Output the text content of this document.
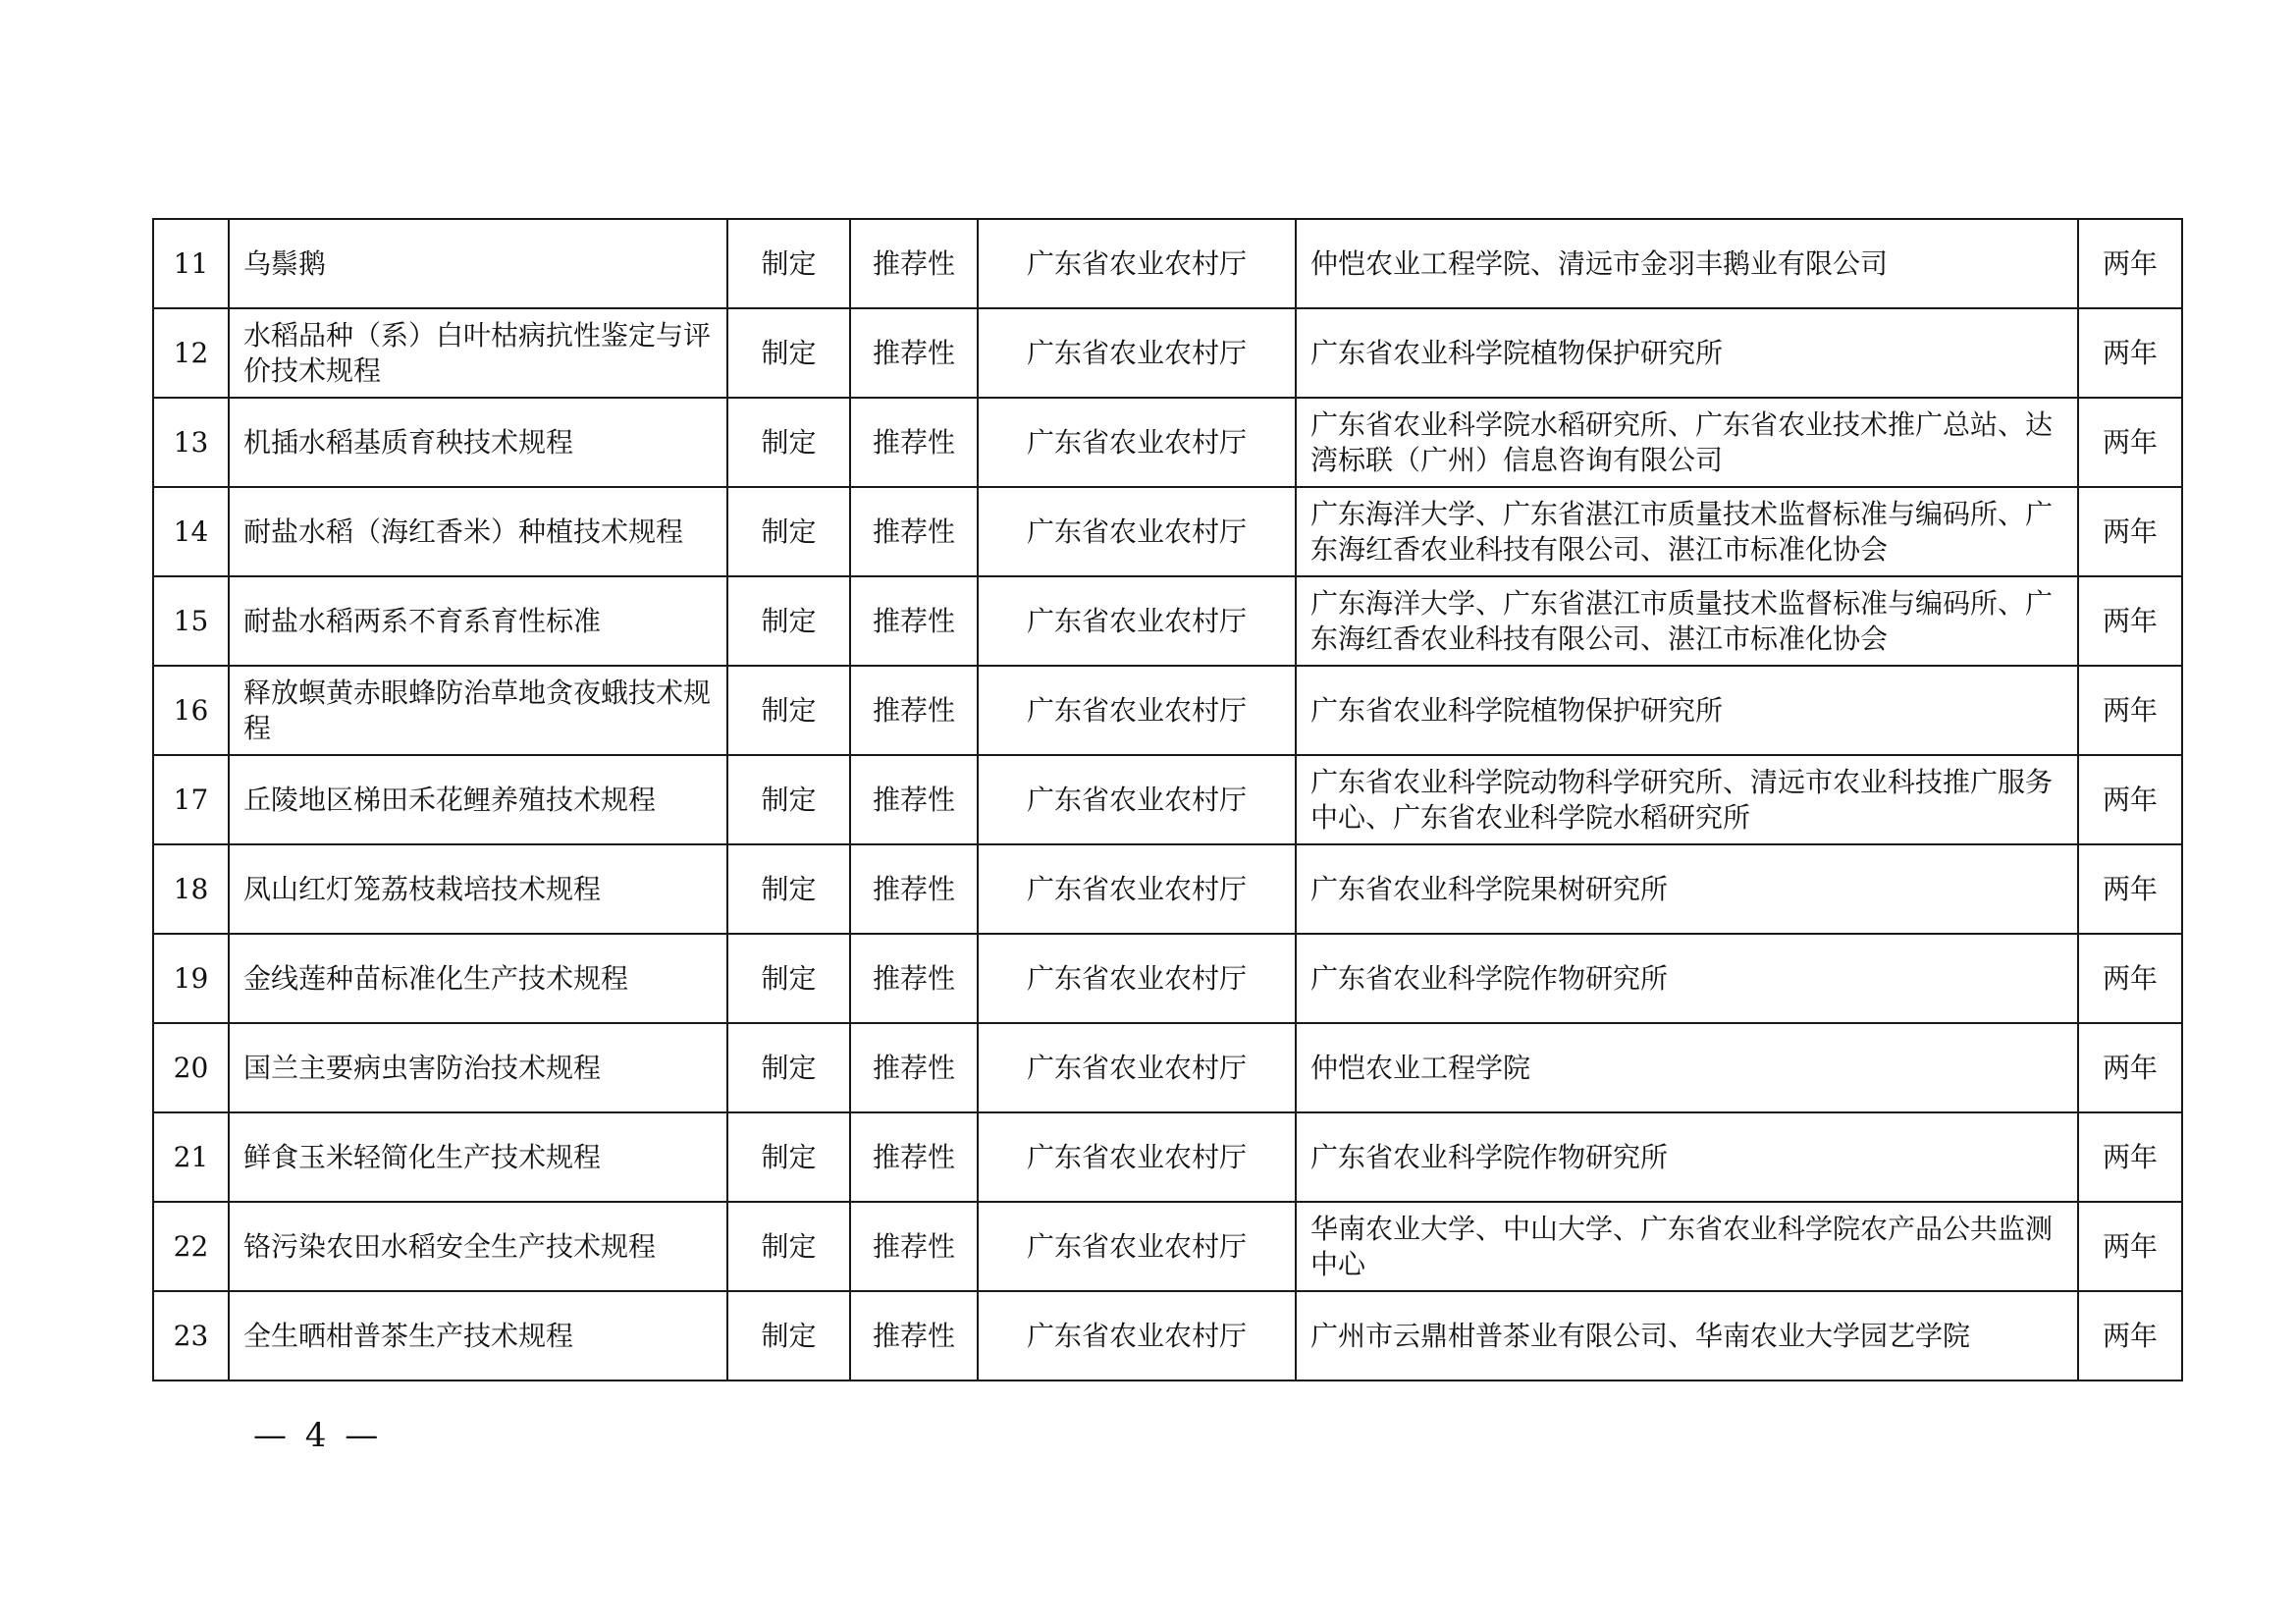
11	乌鬃鹅	制定	推荐性	广东省农业农村厅	仲恺农业工程学院、清远市金羽丰鹅业有限公司	两年
12	水稻品种（系）白叶枯病抗性鉴定与评价技术规程	制定	推荐性	广东省农业农村厅	广东省农业科学院植物保护研究所	两年
13	机插水稻基质育秧技术规程	制定	推荐性	广东省农业农村厅	广东省农业科学院水稻研究所、广东省农业技术推广总站、达湾标联（广州）信息咨询有限公司	两年
14	耐盐水稻（海红香米）种植技术规程	制定	推荐性	广东省农业农村厅	广东海洋大学、广东省湛江市质量技术监督标准与编码所、广东海红香农业科技有限公司、湛江市标准化协会	两年
15	耐盐水稻两系不育系育性标准	制定	推荐性	广东省农业农村厅	广东海洋大学、广东省湛江市质量技术监督标准与编码所、广东海红香农业科技有限公司、湛江市标准化协会	两年
16	释放螟黄赤眼蜂防治草地贪夜蛾技术规程	制定	推荐性	广东省农业农村厅	广东省农业科学院植物保护研究所	两年
17	丘陵地区梯田禾花鲤养殖技术规程	制定	推荐性	广东省农业农村厅	广东省农业科学院动物科学研究所、清远市农业科技推广服务中心、广东省农业科学院水稻研究所	两年
18	凤山红灯笼荔枝栽培技术规程	制定	推荐性	广东省农业农村厅	广东省农业科学院果树研究所	两年
19	金线莲种苗标准化生产技术规程	制定	推荐性	广东省农业农村厅	广东省农业科学院作物研究所	两年
20	国兰主要病虫害防治技术规程	制定	推荐性	广东省农业农村厅	仲恺农业工程学院	两年
21	鲜食玉米轻简化生产技术规程	制定	推荐性	广东省农业农村厅	广东省农业科学院作物研究所	两年
22	铬污染农田水稻安全生产技术规程	制定	推荐性	广东省农业农村厅	华南农业大学、中山大学、广东省农业科学院农产品公共监测中心	两年
23	全生晒柑普茶生产技术规程	制定	推荐性	广东省农业农村厅	广州市云鼎柑普茶业有限公司、华南农业大学园艺学院	两年
— 4 —
